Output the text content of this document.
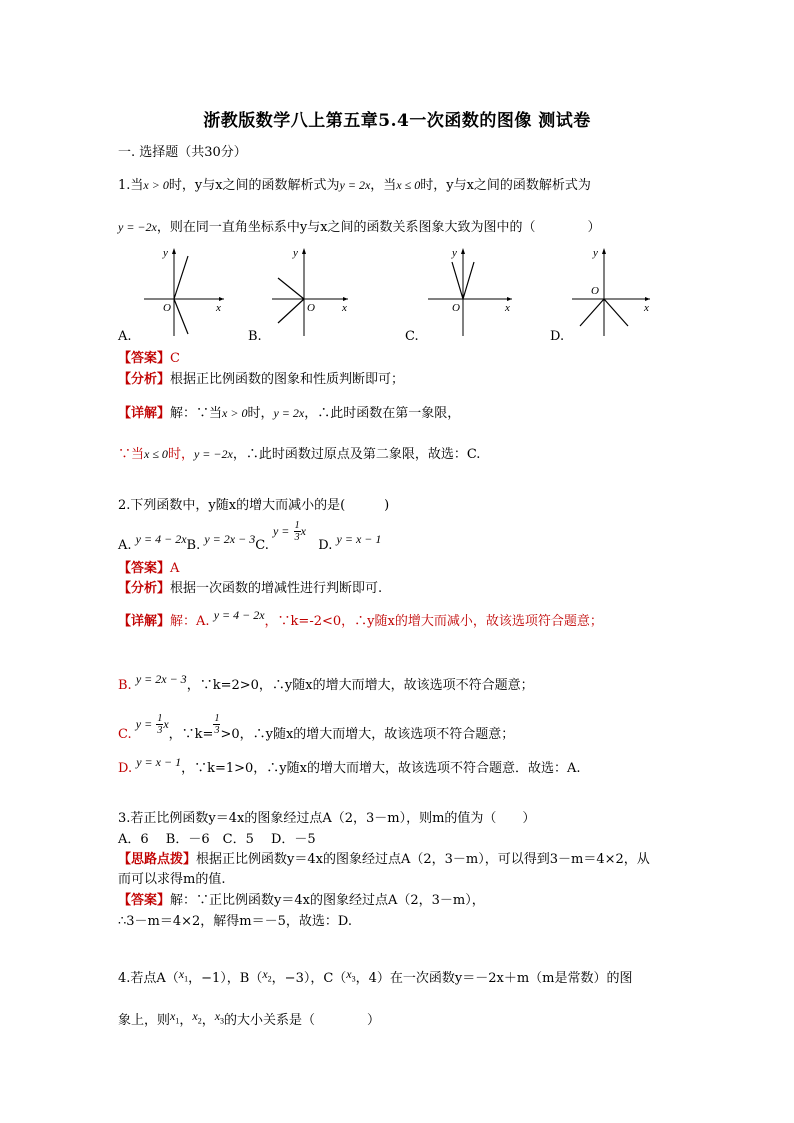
浙教版数学八上第五章5.4一次函数的图像 测试卷
一. 选择题（共30分）
1.当x > 0时，y与x之间的函数解析式为y = 2x，当x ≤ 0时，y与x之间的函数解析式为
y = −2x，则在同一直角坐标系中y与x之间的函数关系图象大致为图中的（　　　　）
y
x
O
y
x
O
y
x
O
y
x
O
A.	B.	C.	D.
【答案】C
【分析】根据正比例函数的图象和性质判断即可；
【详解】解：∵当x > 0时，y = 2x，∴此时函数在第一象限，
∵当x ≤ 0时，y = −2x，∴此时函数过原点及第二象限，故选：C.
2.下列函数中，y随x的增大而减小的是(　　　)
A. y = 4 − 2xB. y = 2x − 3C. $y = \frac{1}{3}$ x   D. y = x − 1
【答案】A
【分析】根据一次函数的增减性进行判断即可.
【详解】解：A. y = 4 − 2x，∵k=-2<0，∴y随x的增大而减小，故该选项符合题意；
B. y = 2x − 3，∵k=2>0，∴y随x的增大而增大，故该选项不符合题意；
C. $y = \frac{1}{3}$ x，∵k= $\frac{1}{3} >0$，∴y随x的增大而增大，故该选项不符合题意；
D. y = x − 1，∵k=1>0，∴y随x的增大而增大，故该选项不符合题意．故选：A.
3.若正比例函数y＝4x的图象经过点A（2，3－m），则m的值为（　　）
A．6　 B．－6　C．5　 D．－5
【思路点拨】根据正比例函数y＝4x的图象经过点A（2，3－m），可以得到3－m＝4×2，从
而可以求得m的值.
【答案】解：∵正比例函数y＝4x的图象经过点A（2，3－m），
∴3－m＝4×2，解得m＝－5，故选：D.
4.若点$A(x_1$，−1），$B(x_2$，−3），$C(x_3$，4）在一次函数y＝－2x＋m（m是常数）的图
象上，则$x_1$，$x_2$，$x_3$的大小关系是（　　　　）
